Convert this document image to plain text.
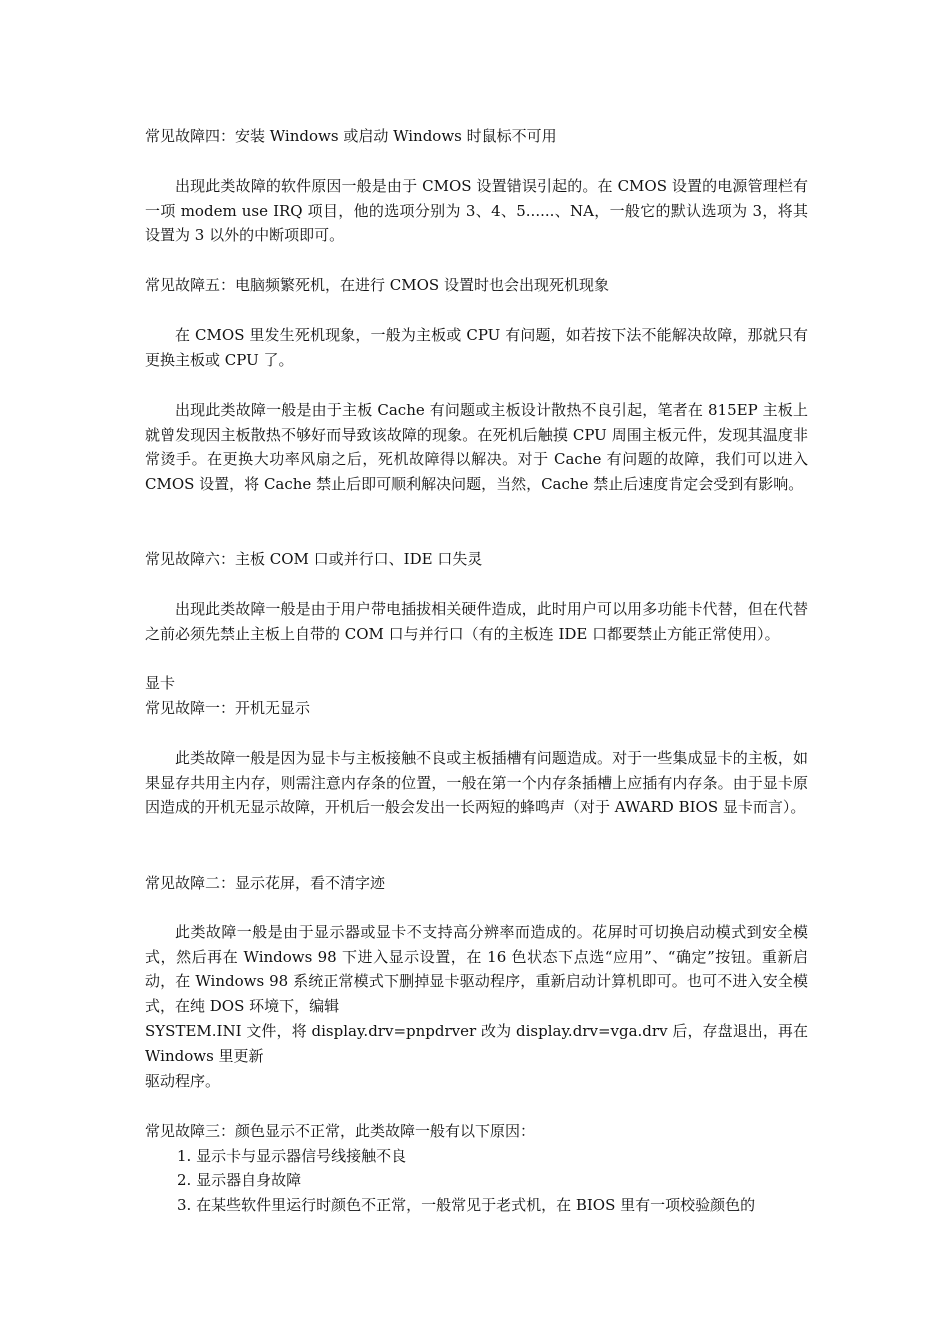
常见故障四：安装 Windows 或启动 Windows 时鼠标不可用

出现此类故障的软件原因一般是由于 CMOS 设置错误引起的。在 CMOS 设置的电源管理栏有一项 modem use IRQ 项目，他的选项分别为 3、4、5......、NA，一般它的默认选项为 3，将其设置为 3 以外的中断项即可。

常见故障五：电脑频繁死机，在进行 CMOS 设置时也会出现死机现象

在 CMOS 里发生死机现象，一般为主板或 CPU 有问题，如若按下法不能解决故障，那就只有更换主板或 CPU 了。

出现此类故障一般是由于主板 Cache 有问题或主板设计散热不良引起，笔者在 815EP 主板上就曾发现因主板散热不够好而导致该故障的现象。在死机后触摸 CPU 周围主板元件，发现其温度非常烫手。在更换大功率风扇之后，死机故障得以解决。对于 Cache 有问题的故障，我们可以进入 CMOS 设置，将 Cache 禁止后即可顺利解决问题，当然，Cache 禁止后速度肯定会受到有影响。

常见故障六：主板 COM 口或并行口、IDE 口失灵

出现此类故障一般是由于用户带电插拔相关硬件造成，此时用户可以用多功能卡代替，但在代替之前必须先禁止主板上自带的 COM 口与并行口（有的主板连 IDE 口都要禁止方能正常使用）。

显卡
常见故障一：开机无显示

此类故障一般是因为显卡与主板接触不良或主板插槽有问题造成。对于一些集成显卡的主板，如果显存共用主内存，则需注意内存条的位置，一般在第一个内存条插槽上应插有内存条。由于显卡原因造成的开机无显示故障，开机后一般会发出一长两短的蜂鸣声（对于 AWARD BIOS 显卡而言）。

常见故障二：显示花屏，看不清字迹

此类故障一般是由于显示器或显卡不支持高分辨率而造成的。花屏时可切换启动模式到安全模式，然后再在 Windows 98 下进入显示设置，在 16 色状态下点选“应用”、“确定”按钮。重新启动，在 Windows 98 系统正常模式下删掉显卡驱动程序，重新启动计算机即可。也可不进入安全模式，在纯 DOS 环境下，编辑

SYSTEM.INI 文件，将 display.drv=pnpdrver 改为 display.drv=vga.drv 后，存盘退出，再在 Windows 里更新

驱动程序。
常见故障三：颜色显示不正常，此类故障一般有以下原因：
1. 显示卡与显示器信号线接触不良
2. 显示器自身故障
3. 在某些软件里运行时颜色不正常，一般常见于老式机，在 BIOS 里有一项校验颜色的
